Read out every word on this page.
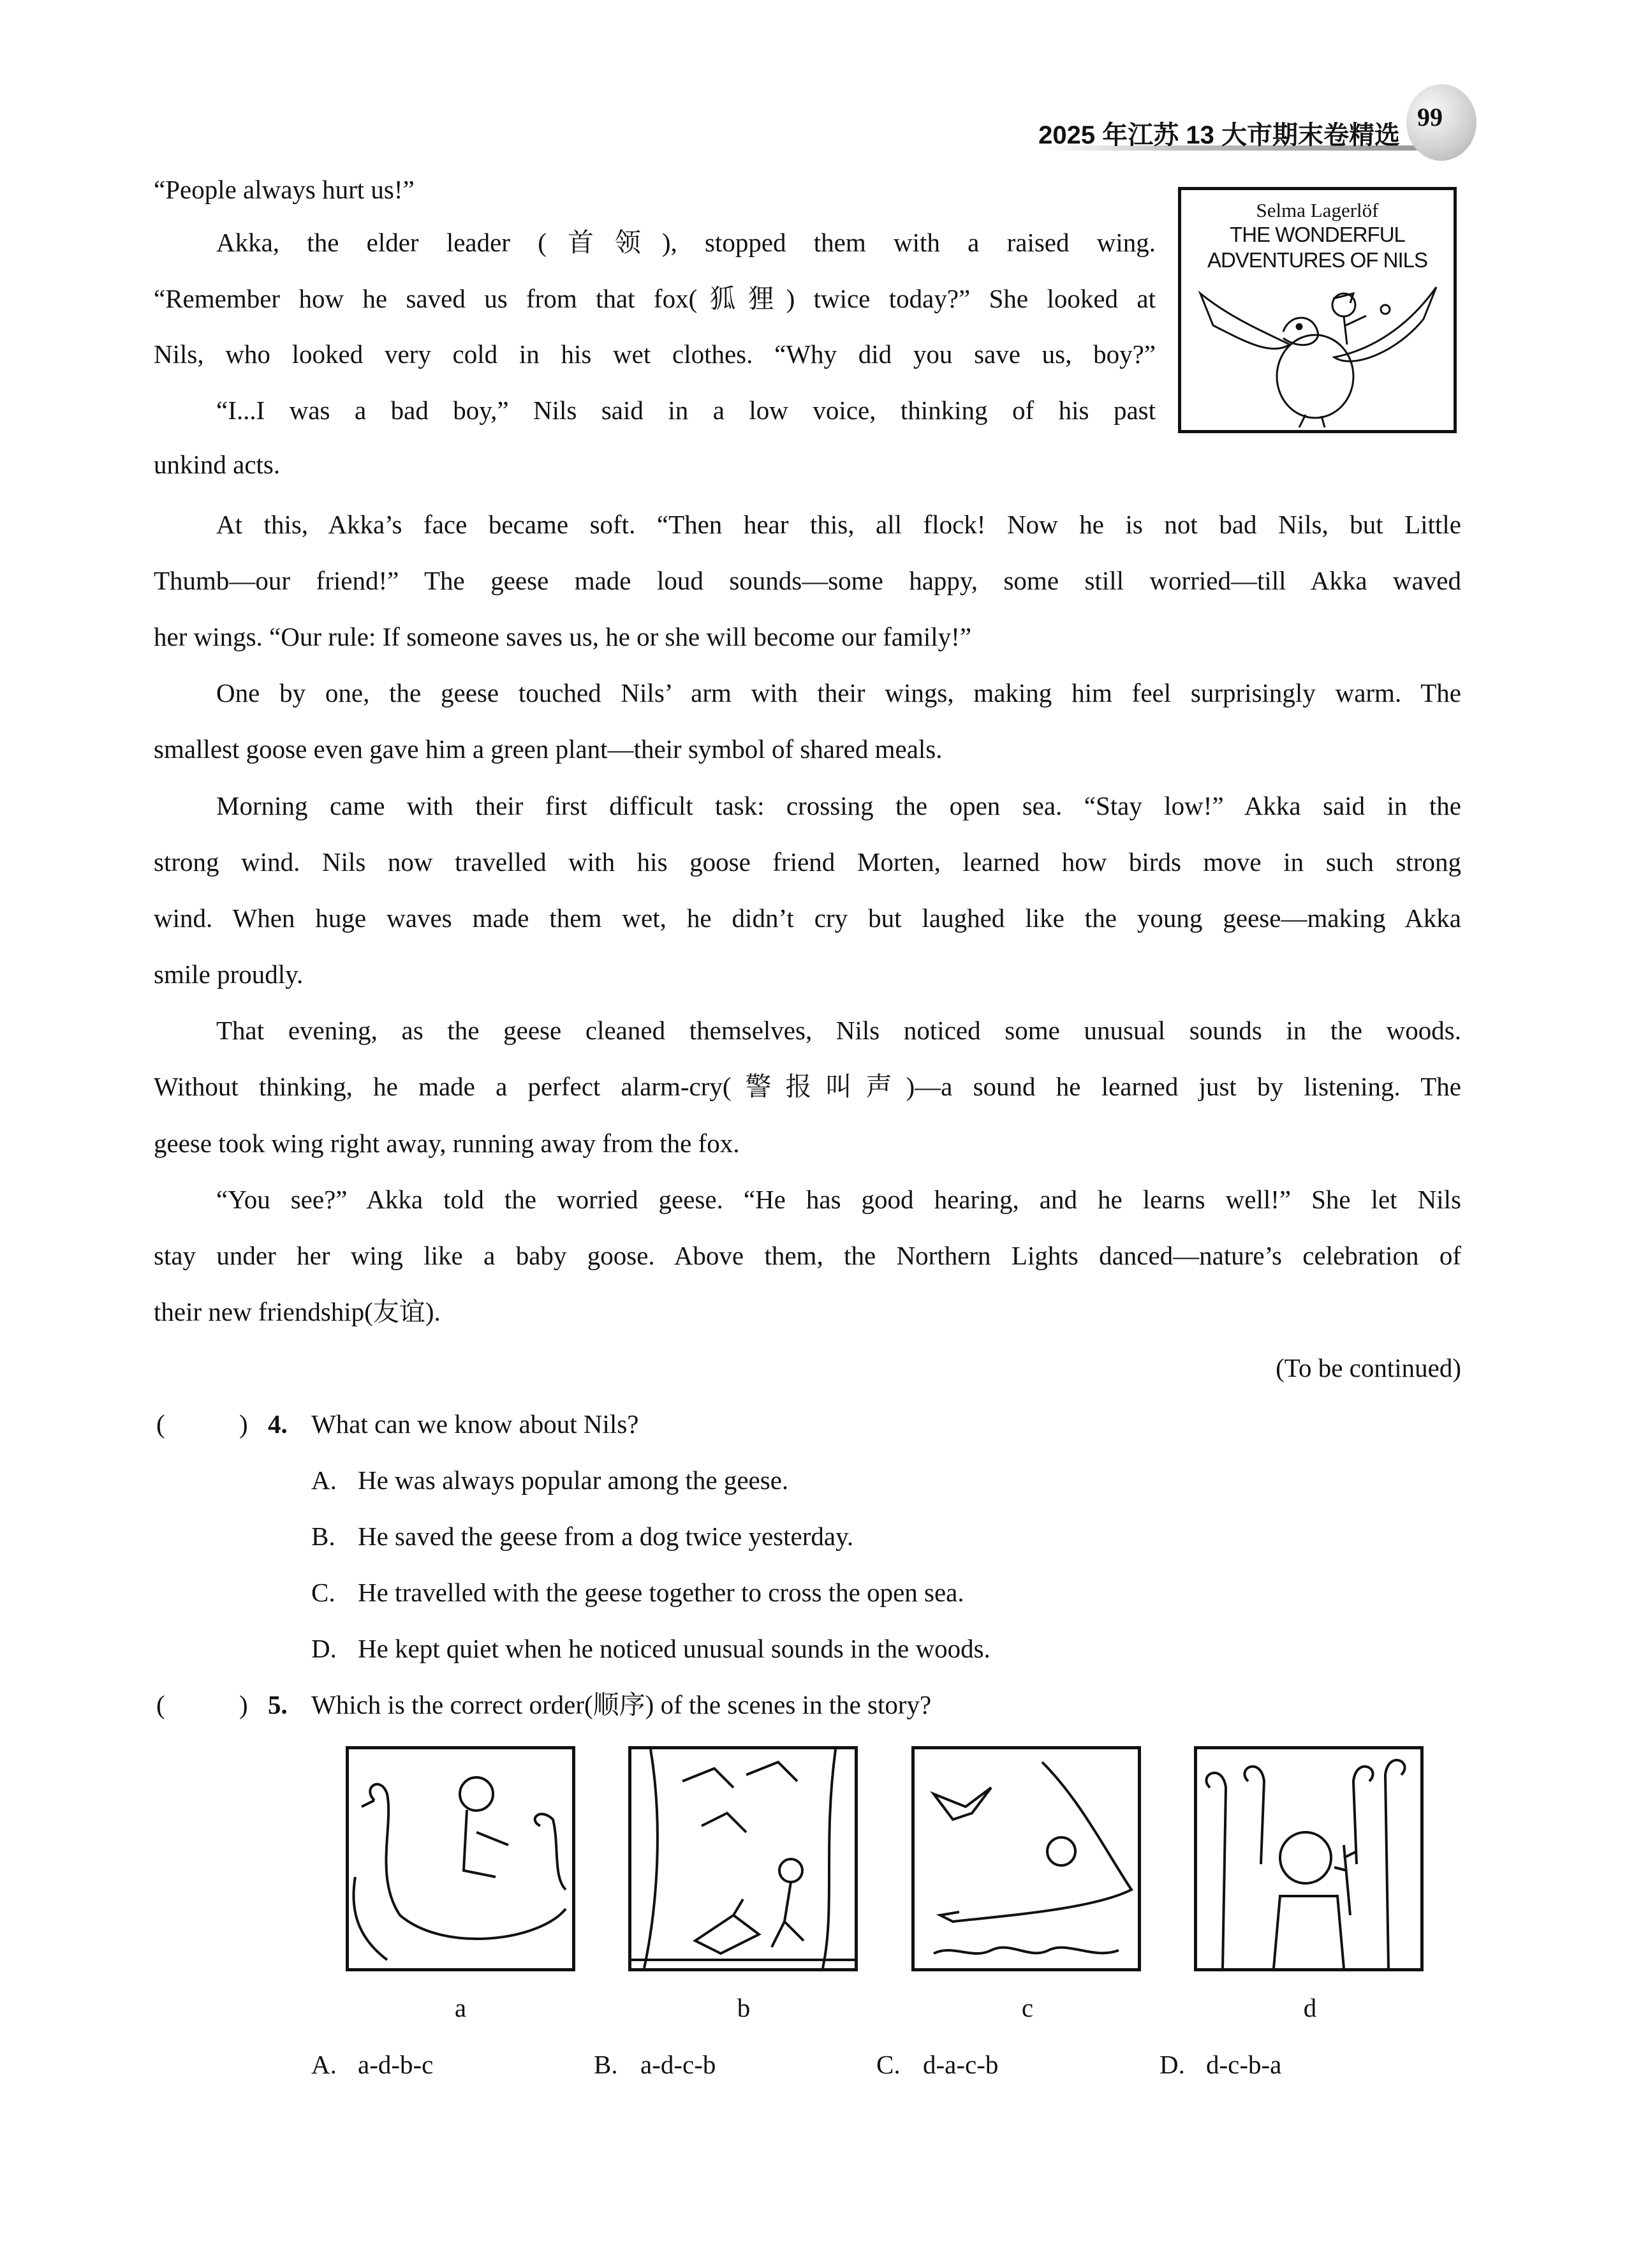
99
2025 年江苏 13 大市期末卷精选
Selma Lagerlöf
THE WONDERFUL
ADVENTURES OF NILS
“People always hurt us!”
Akka, the elder leader (首领), stopped them with a raised wing.
“Remember how he saved us from that fox(狐狸) twice today?” She looked at
Nils, who looked very cold in his wet clothes. “Why did you save us, boy?”
“I...I was a bad boy,” Nils said in a low voice, thinking of his past
unkind acts.
At this, Akka’s face became soft. “Then hear this, all flock! Now he is not bad Nils, but Little
Thumb—our friend!” The geese made loud sounds—some happy, some still worried—till Akka waved
her wings. “Our rule: If someone saves us, he or she will become our family!”
One by one, the geese touched Nils’ arm with their wings, making him feel surprisingly warm. The
smallest goose even gave him a green plant—their symbol of shared meals.
Morning came with their first difficult task: crossing the open sea. “Stay low!” Akka said in the
strong wind. Nils now travelled with his goose friend Morten, learned how birds move in such strong
wind. When huge waves made them wet, he didn’t cry but laughed like the young geese—making Akka
smile proudly.
That evening, as the geese cleaned themselves, Nils noticed some unusual sounds in the woods.
Without thinking, he made a perfect alarm-cry(警报叫声)—a sound he learned just by listening. The
geese took wing right away, running away from the fox.
“You see?” Akka told the worried geese. “He has good hearing, and he learns well!” She let Nils
stay under her wing like a baby goose. Above them, the Northern Lights danced—nature’s celebration of
their new friendship(友谊).
(To be continued)
(	) 4. What can we know about Nils?
A. He was always popular among the geese.
B. He saved the geese from a dog twice yesterday.
C. He travelled with the geese together to cross the open sea.
D. He kept quiet when he noticed unusual sounds in the woods.
(	) 5. Which is the correct order(顺序) of the scenes in the story?
a	b	c	d
A. a-d-b-c	B. a-d-c-b	C. d-a-c-b	D. d-c-b-a
